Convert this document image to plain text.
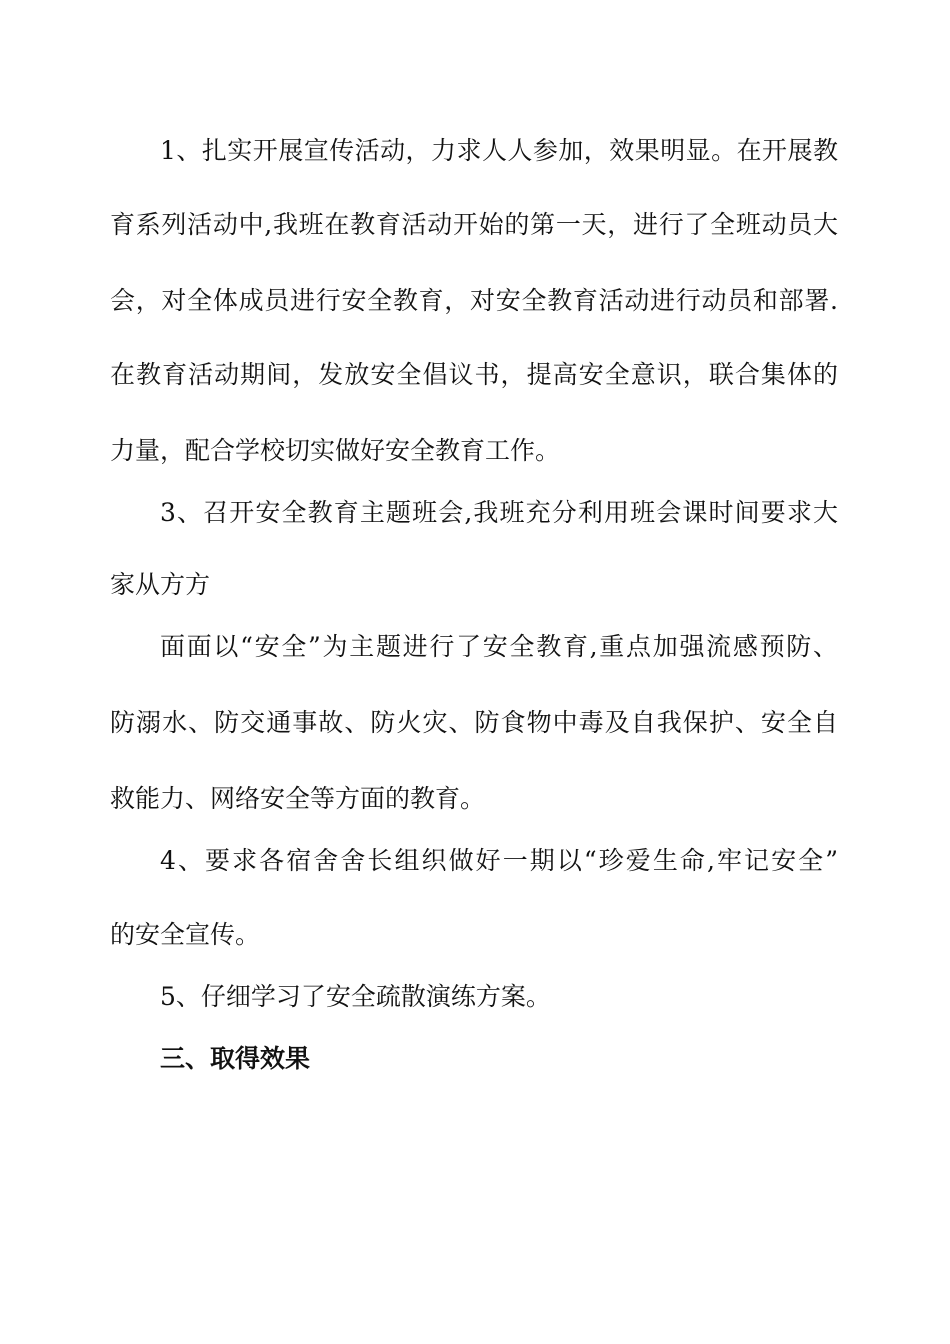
1、扎实开展宣传活动，力求人人参加，效果明显。在开展教

育系列活动中,我班在教育活动开始的第一天，进行了全班动员大

会，对全体成员进行安全教育，对安全教育活动进行动员和部署.

在教育活动期间，发放安全倡议书，提高安全意识，联合集体的

力量，配合学校切实做好安全教育工作。

3、召开安全教育主题班会,我班充分利用班会课时间要求大

家从方方

面面以“安全”为主题进行了安全教育,重点加强流感预防、

防溺水、防交通事故、防火灾、防食物中毒及自我保护、安全自

救能力、网络安全等方面的教育。

4、要求各宿舍舍长组织做好一期以“珍爱生命,牢记安全”

的安全宣传。

5、仔细学习了安全疏散演练方案。

三、取得效果
